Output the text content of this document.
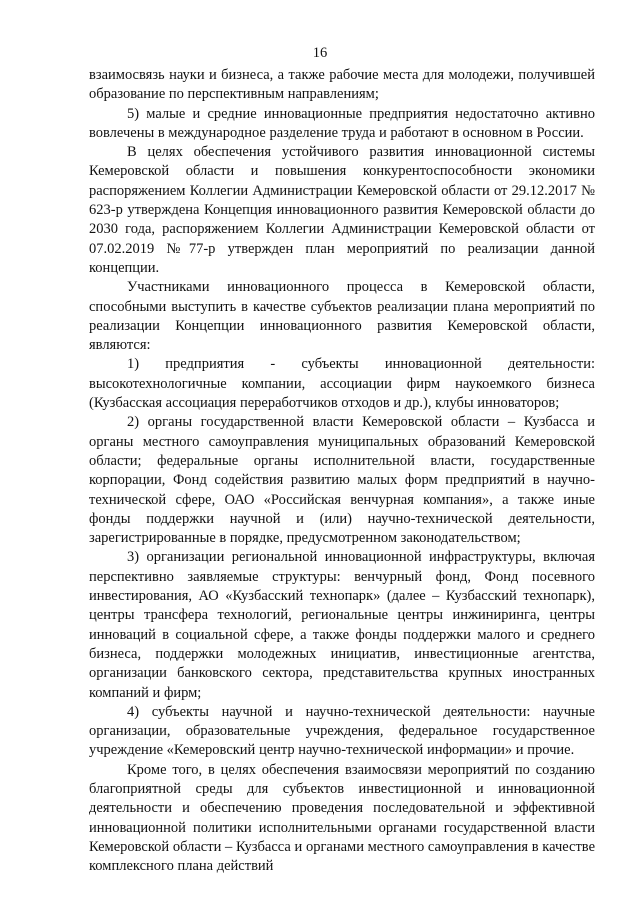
16

взаимосвязь науки и бизнеса, а также рабочие места для молодежи, получившей образование по перспективным направлениям;

5) малые и средние инновационные предприятия недостаточно активно вовлечены в международное разделение труда и работают в основном в России.

В целях обеспечения устойчивого развития инновационной системы Кемеровской области и повышения конкурентоспособности экономики распоряжением Коллегии Администрации Кемеровской области от 29.12.2017 № 623-р утверждена Концепция инновационного развития Кемеровской области до 2030 года, распоряжением Коллегии Администрации Кемеровской области от 07.02.2019 №77-р утвержден план мероприятий по реализации данной концепции.

Участниками инновационного процесса в Кемеровской области, способными выступить в качестве субъектов реализации плана мероприятий по реализации Концепции инновационного развития Кемеровской области, являются:

1) предприятия - субъекты инновационной деятельности: высокотехнологичные компании, ассоциации фирм наукоемкого бизнеса (Кузбасская ассоциация переработчиков отходов и др.), клубы инноваторов;

2) органы государственной власти Кемеровской области – Кузбасса и органы местного самоуправления муниципальных образований Кемеровской области; федеральные органы исполнительной власти, государственные корпорации, Фонд содействия развитию малых форм предприятий в научно-технической сфере, ОАО «Российская венчурная компания», а также иные фонды поддержки научной и (или) научно-технической деятельности, зарегистрированные в порядке, предусмотренном законодательством;

3) организации региональной инновационной инфраструктуры, включая перспективно заявляемые структуры: венчурный фонд, Фонд посевного инвестирования, АО «Кузбасский технопарк» (далее – Кузбасский технопарк), центры трансфера технологий, региональные центры инжиниринга, центры инноваций в социальной сфере, а также фонды поддержки малого и среднего бизнеса, поддержки молодежных инициатив, инвестиционные агентства, организации банковского сектора, представительства крупных иностранных компаний и фирм;

4) субъекты научной и научно-технической деятельности: научные организации, образовательные учреждения, федеральное государственное учреждение «Кемеровский центр научно-технической информации» и прочие.

Кроме того, в целях обеспечения взаимосвязи мероприятий по созданию благоприятной среды для субъектов инвестиционной и инновационной деятельности и обеспечению проведения последовательной и эффективной инновационной политики исполнительными органами государственной власти Кемеровской области – Кузбасса и органами местного самоуправления в качестве комплексного плана действий
